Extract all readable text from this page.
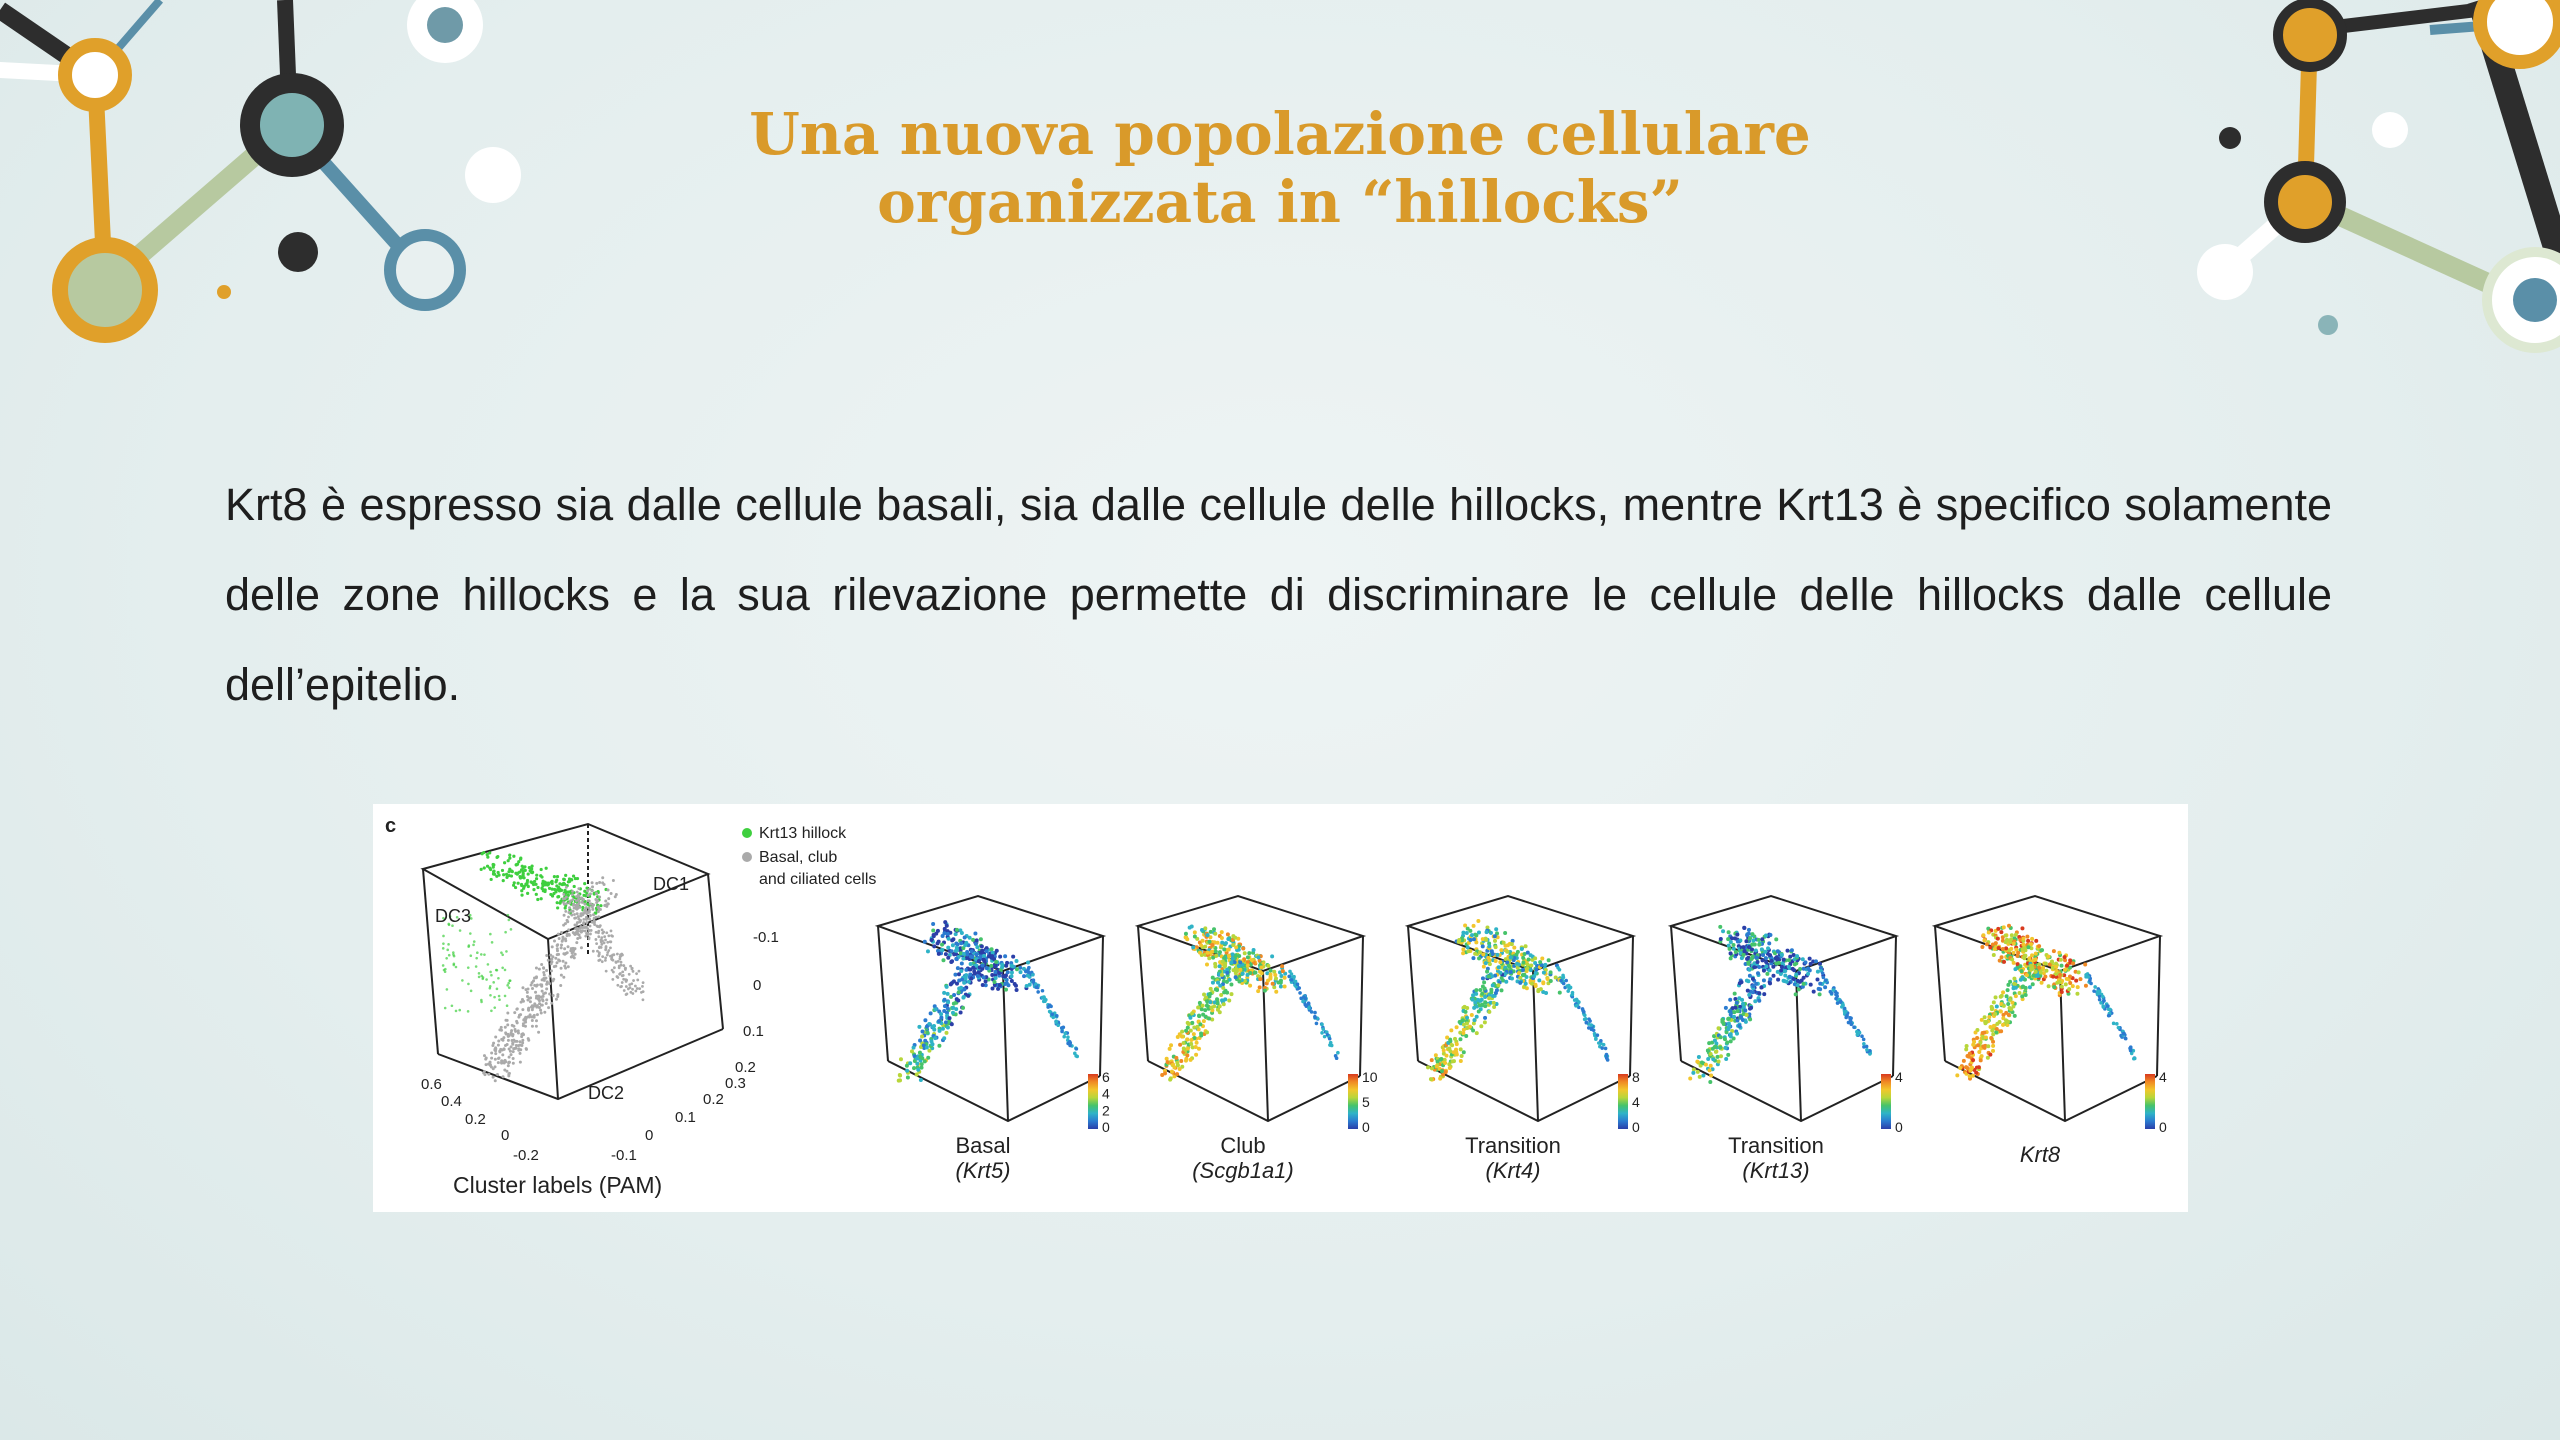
Una nuova popolazione cellulare
organizzata in “hillocks”
Krt8 è espresso sia dalle cellule basali, sia dalle cellule delle hillocks, mentre Krt13 è specifico solamente delle zone hillocks e la sua rilevazione permette di discriminare le cellule delle hillocks dalle cellule dell’epitelio.
c
DC3
DC1
DC2
-0.1
0
0.1
0.2
0.6
0.4
0.2
0
-0.2
0.3
0.2
0.1
0
-0.1
Cluster labels (PAM)
Krt13 hillock
Basal, club
and ciliated cells
6
4
2
0
Basal
(Krt5)
10
5
0
Club
(Scgb1a1)
8
4
0
Transition
(Krt4)
4
0
Transition
(Krt13)
4
0
Krt8
